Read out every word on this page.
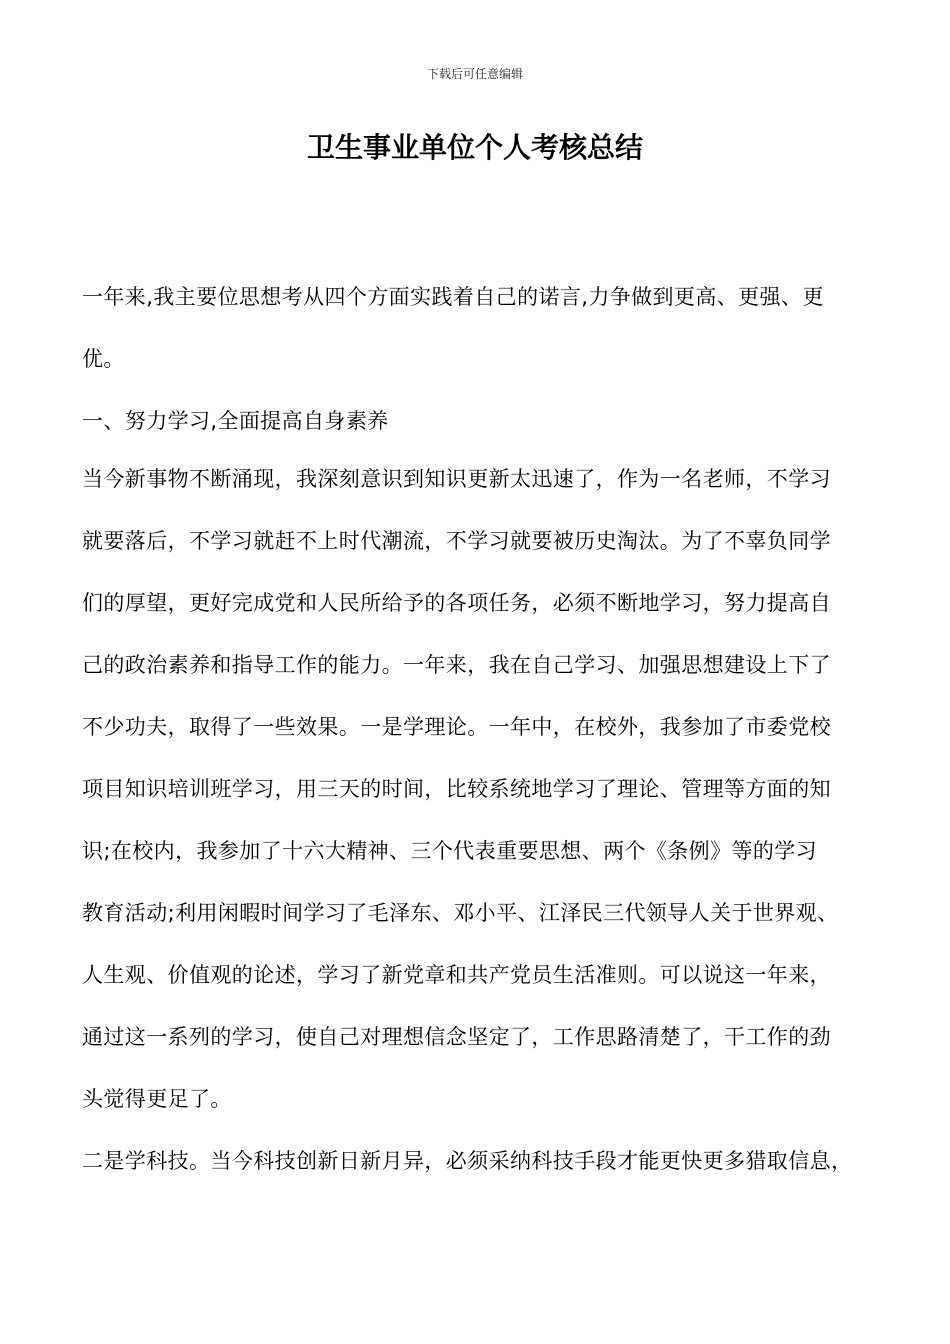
下载后可任意编辑
卫生事业单位个人考核总结
一年来,我主要位思想考从四个方面实践着自己的诺言,力争做到更高、更强、更
优。
一、努力学习,全面提高自身素养
当今新事物不断涌现，我深刻意识到知识更新太迅速了，作为一名老师，不学习
就要落后，不学习就赶不上时代潮流，不学习就要被历史淘汰。为了不辜负同学
们的厚望，更好完成党和人民所给予的各项任务，必须不断地学习，努力提高自
己的政治素养和指导工作的能力。一年来，我在自己学习、加强思想建设上下了
不少功夫，取得了一些效果。一是学理论。一年中，在校外，我参加了市委党校
项目知识培训班学习，用三天的时间，比较系统地学习了理论、管理等方面的知
识;在校内，我参加了十六大精神、三个代表重要思想、两个《条例》等的学习
教育活动;利用闲暇时间学习了毛泽东、邓小平、江泽民三代领导人关于世界观、
人生观、价值观的论述，学习了新党章和共产党员生活准则。可以说这一年来，
通过这一系列的学习，使自己对理想信念坚定了，工作思路清楚了，干工作的劲
头觉得更足了。
二是学科技。当今科技创新日新月异，必须采纳科技手段才能更快更多猎取信息，
